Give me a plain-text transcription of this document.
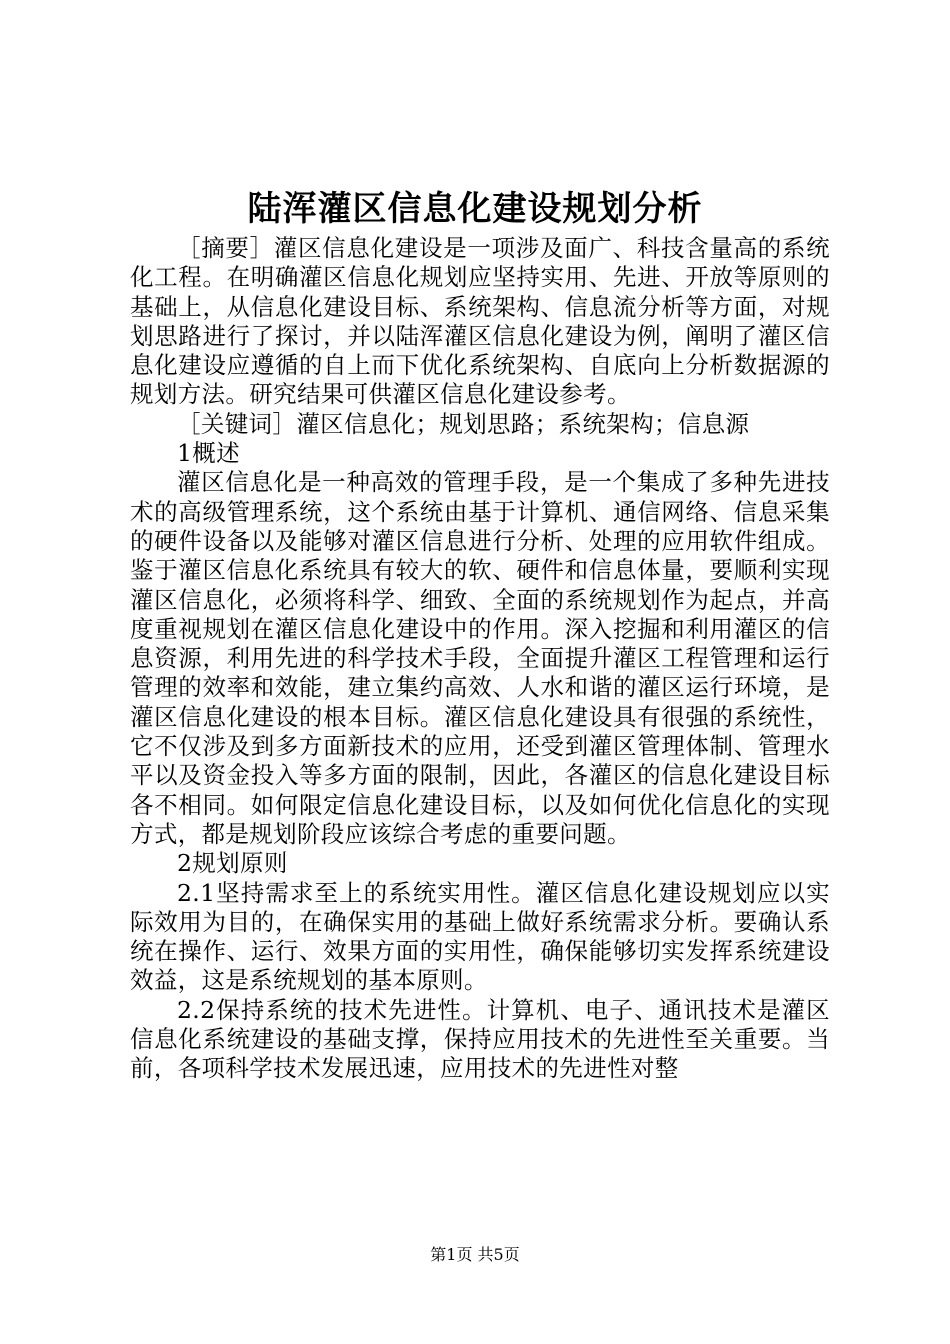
陆浑灌区信息化建设规划分析

［摘要］灌区信息化建设是一项涉及面广、科技含量高的系统化工程。在明确灌区信息化规划应坚持实用、先进、开放等原则的基础上，从信息化建设目标、系统架构、信息流分析等方面，对规划思路进行了探讨，并以陆浑灌区信息化建设为例，阐明了灌区信息化建设应遵循的自上而下优化系统架构、自底向上分析数据源的规划方法。研究结果可供灌区信息化建设参考。

［关键词］灌区信息化；规划思路；系统架构；信息源

1概述

灌区信息化是一种高效的管理手段，是一个集成了多种先进技术的高级管理系统，这个系统由基于计算机、通信网络、信息采集的硬件设备以及能够对灌区信息进行分析、处理的应用软件组成。鉴于灌区信息化系统具有较大的软、硬件和信息体量，要顺利实现灌区信息化，必须将科学、细致、全面的系统规划作为起点，并高度重视规划在灌区信息化建设中的作用。深入挖掘和利用灌区的信息资源，利用先进的科学技术手段，全面提升灌区工程管理和运行管理的效率和效能，建立集约高效、人水和谐的灌区运行环境，是灌区信息化建设的根本目标。灌区信息化建设具有很强的系统性，它不仅涉及到多方面新技术的应用，还受到灌区管理体制、管理水平以及资金投入等多方面的限制，因此，各灌区的信息化建设目标各不相同。如何限定信息化建设目标，以及如何优化信息化的实现方式，都是规划阶段应该综合考虑的重要问题。

2规划原则

2.1坚持需求至上的系统实用性。灌区信息化建设规划应以实际效用为目的，在确保实用的基础上做好系统需求分析。要确认系统在操作、运行、效果方面的实用性，确保能够切实发挥系统建设效益，这是系统规划的基本原则。

2.2保持系统的技术先进性。计算机、电子、通讯技术是灌区信息化系统建设的基础支撑，保持应用技术的先进性至关重要。当前，各项科学技术发展迅速，应用技术的先进性对整

第1页 共5页
